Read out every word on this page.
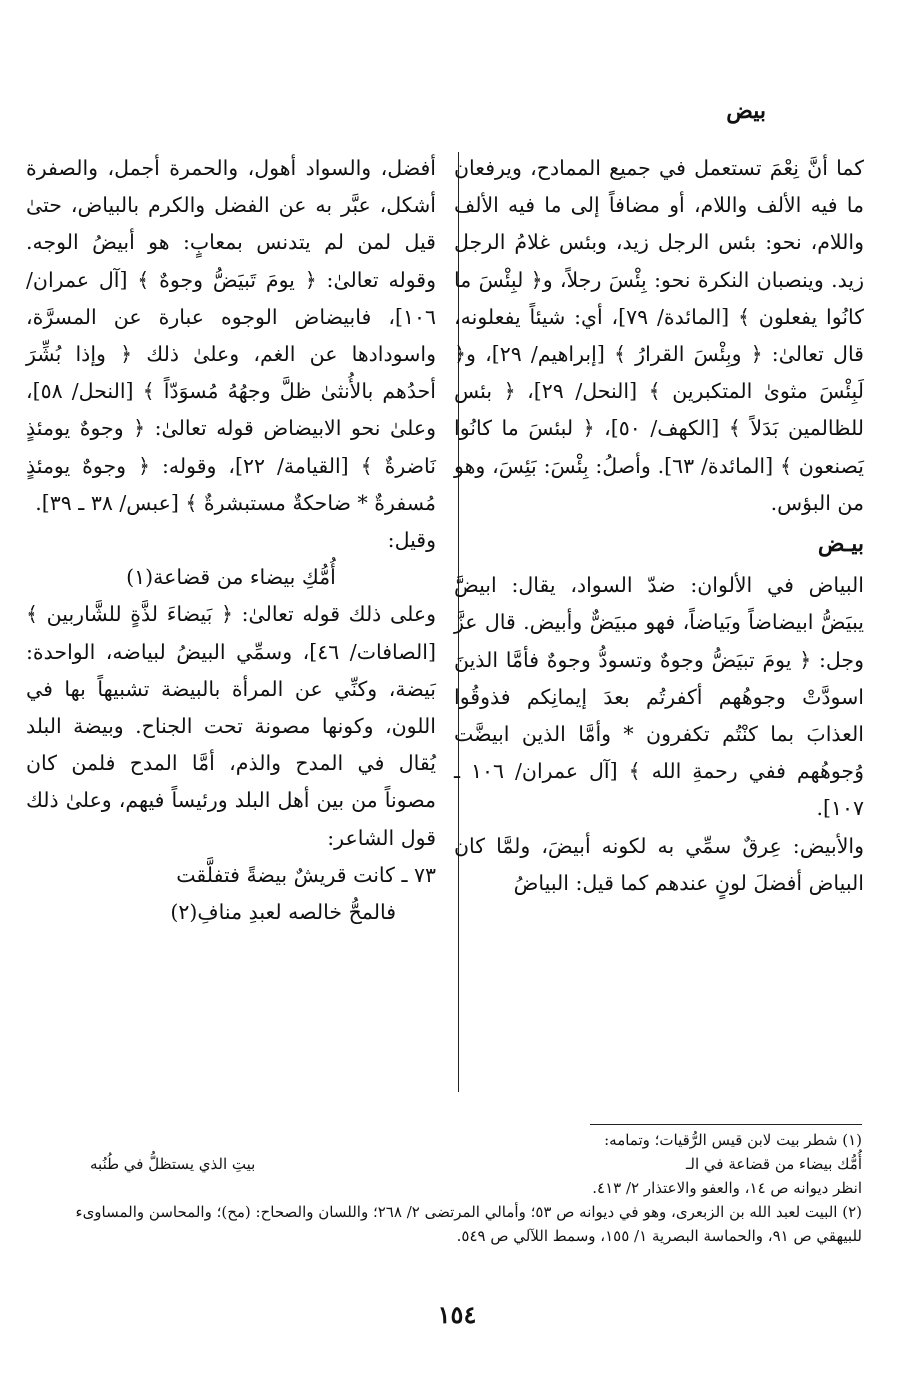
بيض

كما أنَّ نِعْمَ تستعمل في جميع الممادح، ويرفعان ما فيه الألف واللام، أو مضافاً إلى ما فيه الألف واللام، نحو: بئس الرجل زيد، وبئس غلامُ الرجل زيد. وينصبان النكرة نحو: بِئْسَ رجلاً، و﴿ لبِئْسَ ما كانُوا يفعلون ﴾ [المائدة/ ٧٩]، أي: شيئاً يفعلونه، قال تعالىٰ: ﴿ وبِئْسَ القرارُ ﴾ [إبراهيم/ ٢٩]، و﴿ لَبِئْسَ مثوىٰ المتكبرين ﴾ [النحل/ ٢٩]، ﴿ بئس للظالمين بَدَلاً ﴾ [الكهف/ ٥٠]، ﴿ لبئسَ ما كانُوا يَصنعون ﴾ [المائدة/ ٦٣]. وأصلُ: بِئْسَ: بَئِسَ، وهو من البؤس.

بيـض

البياض في الألوان: ضدّ السواد، يقال: ابيضَّ يبيَضُّ ابيضاضاً وبَياضاً، فهو مبيَضٌّ وأبيض. قال عزَّ وجل: ﴿ يومَ تبيَضُّ وجوهٌ وتسودُّ وجوهٌ فأمَّا الذينَ اسودَّتْ وجوهُهم أكفرتُم بعدَ إيمانِكم فذوقُوا العذابَ بما كنْتُم تكفرون * وأمَّا الذين ابيضَّت وُجوهُهم ففي رحمةِ الله ﴾ [آل عمران/ ١٠٦ ـ ١٠٧].

والأبيض: عِرقٌ سمِّي به لكونه أبيضَ، ولمَّا كان البياض أفضلَ لونٍ عندهم كما قيل: البياضُ

أفضل، والسواد أهول، والحمرة أجمل، والصفرة أشكل، عبَّر به عن الفضل والكرم بالبياض، حتىٰ قيل لمن لم يتدنس بمعابٍ: هو أبيضُ الوجه. وقوله تعالىٰ: ﴿ يومَ تَبيَضُّ وجوهٌ ﴾ [آل عمران/ ١٠٦]، فابيضاض الوجوه عبارة عن المسرَّة، واسودادها عن الغم، وعلىٰ ذلك ﴿ وإذا بُشِّرَ أحدُهم بالأُنثىٰ ظلَّ وجهُهُ مُسوَدّاً ﴾ [النحل/ ٥٨]، وعلىٰ نحو الابيضاض قوله تعالىٰ: ﴿ وجوهٌ يومئذٍ نَاضرةٌ ﴾ [القيامة/ ٢٢]، وقوله: ﴿ وجوهٌ يومئذٍ مُسفرةٌ * ضاحكةٌ مستبشرةٌ ﴾ [عبس/ ٣٨ ـ ٣٩].

وقيل:

أُمُّكِ بيضاء من قضاعة(١)

وعلى ذلك قوله تعالىٰ: ﴿ بَيضاءَ لذَّةٍ للشَّاربين ﴾ [الصافات/ ٤٦]، وسمِّي البيضُ لبياضه، الواحدة: بَيضة، وكنِّي عن المرأة بالبيضة تشبيهاً بها في اللون، وكونها مصونة تحت الجناح. وبيضة البلد يُقال في المدح والذم، أمَّا المدح فلمن كان مصوناً من بين أهل البلد ورئيساً فيهم، وعلىٰ ذلك قول الشاعر:

٧٣ ـ كانت قريشٌ بيضةً فتفلَّقت

فالمحُّ خالصه لعبدِ منافِ(٢)

(١) شطر بيت لابن قيس الرُّقيات؛ وتمامه:

أُمُّك بيضاء من قضاعة في الـ
بيتِ الذي يستظلُّ في طُنُبه

انظر ديوانه ص ١٤، والعفو والاعتذار ٢/ ٤١٣.

(٢) البيت لعبد الله بن الزبعرى، وهو في ديوانه ص ٥٣؛ وأمالي المرتضى ٢/ ٢٦٨؛ واللسان والصحاح: (مح)؛ والمحاسن والمساوىء للبيهقي ص ٩١، والحماسة البصرية ١/ ١٥٥، وسمط اللآلي ص ٥٤٩.

١٥٤
